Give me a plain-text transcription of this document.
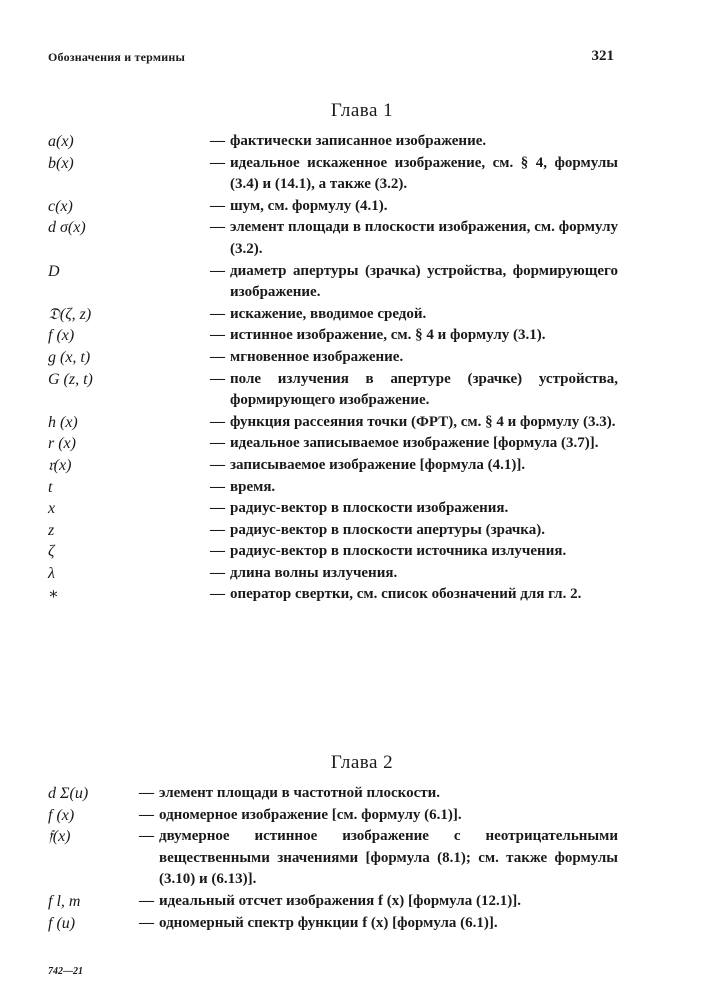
Обозначения и термины	321
Глава 1
a(x)	— фактически записанное изображение.
b(x)	— идеальное искаженное изображение, см. § 4, формулы (3.4) и (14.1), а также (3.2).
c(x)	— шум, см. формулу (4.1).
d σ(x)	— элемент площади в плоскости изображения, см. формулу (3.2).
D	— диаметр апертуры (зрачка) устройства, формирующего изображение.
𝔇(ζ, z)	— искажение, вводимое средой.
f (x)	— истинное изображение, см. § 4 и формулу (3.1).
g (x, t)	— мгновенное изображение.
G (z, t)	— поле излучения в апертуре (зрачке) устройства, формирующего изображение.
h (x)	— функция рассеяния точки (ФРТ), см. § 4 и формулу (3.3).
r (x)	— идеальное записываемое изображение [формула (3.7)].
𝔯(x)	— записываемое изображение [формула (4.1)].
t	— время.
x	— радиус-вектор в плоскости изображения.
z	— радиус-вектор в плоскости апертуры (зрачка).
ζ	— радиус-вектор в плоскости источника излучения.
λ	— длина волны излучения.
∗	— оператор свертки, см. список обозначений для гл. 2.
Глава 2
d Σ(u)	— элемент площади в частотной плоскости.
f (x)	— одномерное изображение [см. формулу (6.1)].
𝔣(x)	— двумерное истинное изображение с неотрицательными вещественными значениями [формула (8.1); см. также формулы (3.10) и (6.13)].
f l, m	— идеальный отсчет изображения f (x) [формула (12.1)].
f (u)	— одномерный спектр функции f (x) [формула (6.1)].
742—21
